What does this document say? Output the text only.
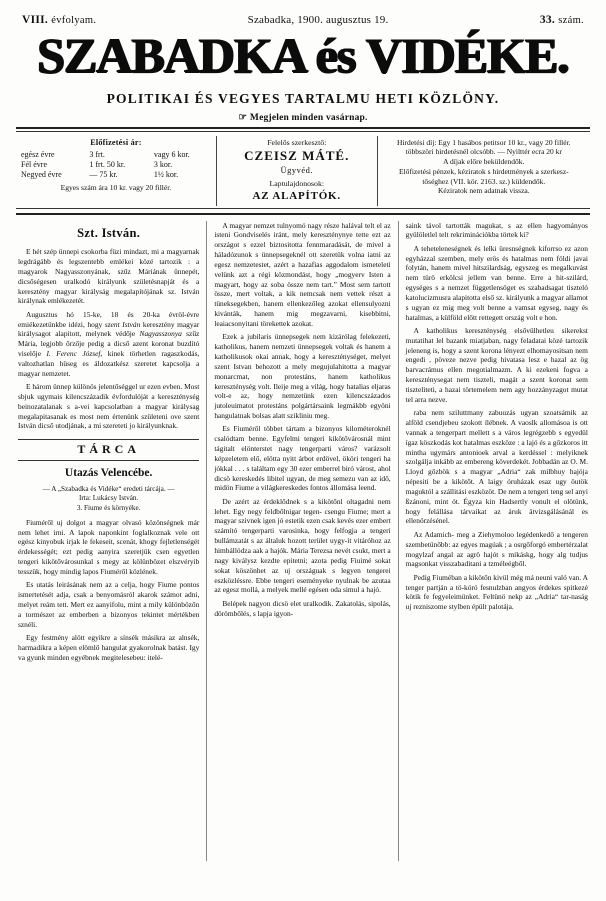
VIII. évfolyam.	Szabadka, 1900. augusztus 19.	33. szám.
SZABADKA és VIDÉKE.
POLITIKAI ÉS VEGYES TARTALMU HETI KÖZLÖNY.
☞ Megjelen minden vasárnap.
Előfizetési ár:
egész évre	3 frt.	vagy 6 kor.
Fél évre	1 frt. 50 kr.	3 kor.
Negyed évre	— 75 kr.	1½ kor.
Egyes szám ára 10 kr. vagy 20 fillér.
Felelős szerkesztő:
CZEISZ MÁTÉ.
Ügyvéd.
Laptulajdonosok:
AZ ALAPÍTÓK.
Hirdetési díj: Egy 1 hasábos petitsor 10 kr., vagy 20 fillér.
többszöri hirdetésnél olcsóbb. — Nyilttér ecra 20 kr
A díjak előre beküldendők.
Előfizetési pénzek, kéziratok s hirdetmények a szerkesz-
tőséghez (VII. kör. 2163. sz.) küldendők.
Kéziratok nem adatnak vissza.
Szt. István.

E hét szép ünnepi csokorba füzi mindazt, mi a magyarnak legdrágább és legszentebb emlékei közé tartozik : a magyarok Nagyasszonyának, szűz Máriának ünnepét, dicsőségesen uralkodó királyunk születésnapját és a keresztény magyar királyság megalapítójának sz. István királynak emlékezetét.

Augusztus hó 15-ke, 18 és 20-ka évröl-évre emiékezetünkbe idézi, hogy szent István keresztény magyar királysagot alapított, melynek védője Nagyasszonya szűz Mária, legjobb őrzője pedig a dicső azent koronat buzdító viselője I. Ferenc József, kinek törhetlen ragaszkodás, valtozhatlan hüseg es áldozatkész szeretet kapcsolja a magyar nemzetet.

E három ünnep különös jelentőséggel ur ezen evben. Most sbjuk ugymais kilencszázadik évfordulóját a kereszténység beinozatalanak s a-vei kapcsolatban a magyar királysag megalapitasanak es most nem értenünk születeni ove szent István dicső utodjának, a mi szereteti jo királyunknak.

TÁRCA
Utazás Velencébe.
— A „Szabadka és Vidéke“ eredeti tárcája. —
Irta: Lukácsy István.
3. Fiume és környéke.

Fiuméről uj dolgot a magyar olvasó közönségnek már nem lehet irni. A lapok naponkint foglalkoznak vele ott egész kinyobuk irjak le fekeseit, scenát, khogy fejletlenségét érdekességét; ezt pedig aanyira szeretjük csen egyetlen tengeri kikötővárosunkal s megy az kölünbözet elszvéryib tesszük, hogy mindig lapos Fiuméről közlének.

Es utatás leirásának nem az a celja, hogy Fiume pontos ismertetését adja, csak a benyomásról akarok számot adni, melyet reám tett. Mert ez aanyifolu, mint a mily különbözőn a tormészet az emberben a bizonyos tekintet mértékben sznéli.

Egy festmény alött egyikre a sínsék másikra az alnsék, harmadikra a képen elömlő hangulat gyakorolnak batást. Igy va gyunk minden egyébnek megitelesebeu: itelé-

A magyar nemzet tulnyomó nagy része halával telt el az isteni Gondviselés iránt, mely kereszténynye tette ezt az országot s ezzel biztositotta fennmaradását, de mivel a háladózunok s ünnepsegeknél ott szeretük volna iatni az egesz nemzetestet, azért a hazafias aggodalom ismeteleti velünk azt a régi közmondást, hogy „mogyerv Isten a magyart, hogy az soba össze nem tart.” Most sem tartott össze, mert voltak, a kik nemcsak nem vettek részt a tüneksegekben, hanem ellenkezőleg azokat ellensulyozni kivánták, hanem mig megzavarni, kisebbitni, leaiacsonyitani törekettek azokat.

Ezek a jubilaris ünnepsegek nem kizárólag felekezeti, katholikus, hanem nemzeti ünnepsegek voltak és hanem a katholikusok okai annak, hogy a kereszténységet, melyet szent Istvan behozott a mely megujulahitotta a magyar monarcmat, non protestáns, hanem katholikus kereszténység volt. Ileije meg a világ, hogy hatalias eljaras volt-e az, hogy nemzetünk ezen kilencszázados jutoleuimatot protestáns polgártársaink legmákbb egyöni hangulatnak bolsas alatt szikliniu meg.

Es Fiuméről többet tártam a bizonyos kilométeroknél csalódtam benne. Egyfelmi tengeri kikötővárosnál mint tágitalt elönterstet nagy tengerparti város? varázsolt képzeletem elő, elötta nyitt árbot erdövel, ököri tengeri ha jókkal . . . s találtam egy 30 ezer emberrel biró várost, ahol dicsö kereskedés libitel ugyan, de meg semezu van az idő, midön Fiume a világkereskedes fontos állomása leend.

De azért az érdeklődnek s a kikötőnl oltagadni nem lehet. Egy negy feldbőlnigar tegen- csengu Fiume; mert a magyar szivnek igen jó estetik ezen csak kevés ezer embert számító tengerparti varosinka, hogy felfogja a tengeri bullámzatát s az általuk hozott terület uygy-ít vitáróhoz az himbállódza aak a hajók. Mária Terezsa nevét csukt, mert a nagy kiválysz kezdte epitetni; azota pedig Fiuimé sokat sokat köszönhet az uj országuak s legyen tengerei eszközléssre. Ebbe tengeri eseményeke nyulnak be azutaa az egesz mollá, a melyek mellé egésen oda simul a hajó.

Belépek nagyon dicsö elet uralkodik. Zakatolás, sipolás, dörömbőlés, s lapja igyon-

saink távol tartották magukat, s az ellen hagyományos gyülöletlel telt rekriminációkba törtek ki?

A teheteleneségnek és lelki üresnségnek kiforrso ez azon egyházzal szemben, mely erös és hatalmas nem földi javai folytán, hanem mivel hitszilardság, egyszeg es megalkuvást nem türö erkölcsi jellem van benne. Erre a hit-szilárd, egységes s a nemzet függetlensöget es szabadsagat tiszteló katolucizmusra alapitotta első sz. királyunk a magyar allamot s ugyan ez mig meg volt benne a vamsat egyseg, nagy és hatalmas, a külföld előtt rettegett ország volt e hon.

A katholikus kereszténység elsővülhetleu sikerekst mutatihat lel bazank miatjaban, nagy feladatai közé tartozik jeleneng is, hogy a szent korona lényezt elhomayositsan nem engedi , pöveze nezve pedig hivatasa lesz e hazal az ög barvacrámus ellen megotialmazm. A ki ezekeni fogva a kereszténysegat nem tiszteli, magát a szent koronat sem tiszteliteti, a hazai törtemelem nem agy hozzányzagot mutat tel arra nezve.

raba nem sziluttmany zabuuzás ugyan szoatsámik az alföld csendjebeu szokott ílébnek. A vaoslk allomásoa is ott vannak a tengerpart mellett s a város legrégzebb s egyedül ígaz köszkodás kot hatalmas eszköze : a lajó és a gőzkoros itt mintha ugymárs antonioek arval a kerdéssel : melyiknek szolgálja inkább az embereng köverdekét. Jobbadán az O. M. Lloyd gőzbök s a magyar „Adria“ zak milbhuy hajója népesiti be a kikötőt. A laigy óruházak esaz ugy öutök maguktól a szállitási eszközöt. De nem a tengeri teng sel anyi ßzánoni, mint ót. Égyza kin Hadsertly vonult el olötünk, hogy felállása tárvaikat az áruk ätvizsgálásánál es ellenörzésénel.

Az Adamich- meg a Ziehymoloo legédenkedő a tengeren szembetünőbb: az egyes magúak ; a osrgőforgó embertérzalat mogylzaf angal az agrö hajót s mikáskg, hogy alg tudjus magsonkat visszabaditani a tzméleégből.

Pedig Fiuméban a kikötőn kivül még má neuni való van. A tenger partján a tö-kóró fesnulzban angyos érdekes spitkezé kötik fe fegyeleimünket. Feltünö nekp az „Adria“ tar-naság uj rezniszome stylben épült palotája.
